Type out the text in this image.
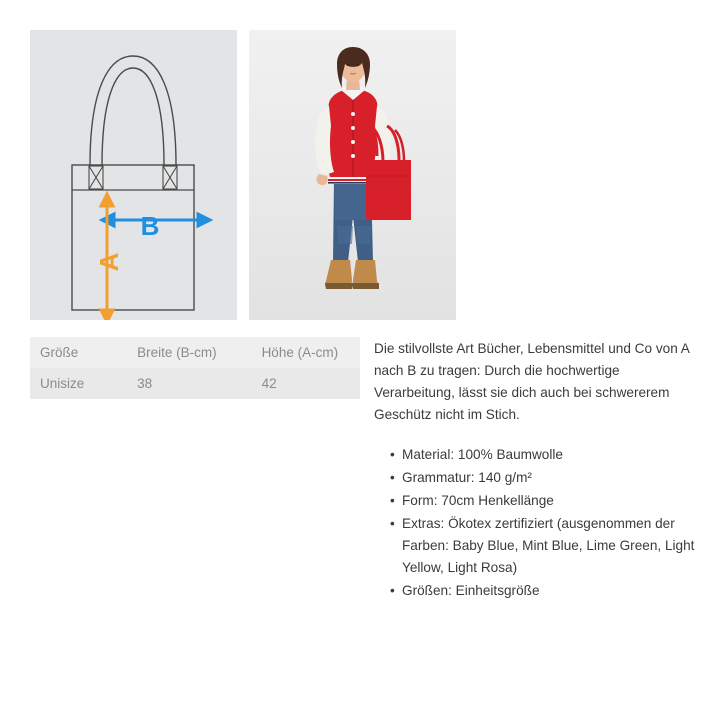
B
A
Größe	Breite (B-cm)	Höhe (A-cm)
Unisize	38	42

Die stilvollste Art Bücher, Lebensmittel und Co von A nach B zu tragen: Durch die hochwertige Verarbeitung, lässt sie dich auch bei schwererem Geschütz nicht im Stich.

• Material: 100% Baumwolle
• Grammatur: 140 g/m²
• Form: 70cm Henkellänge
• Extras: Ökotex zertifiziert (ausgenommen der Farben: Baby Blue, Mint Blue, Lime Green, Light Yellow, Light Rosa)
• Größen: Einheitsgröße
